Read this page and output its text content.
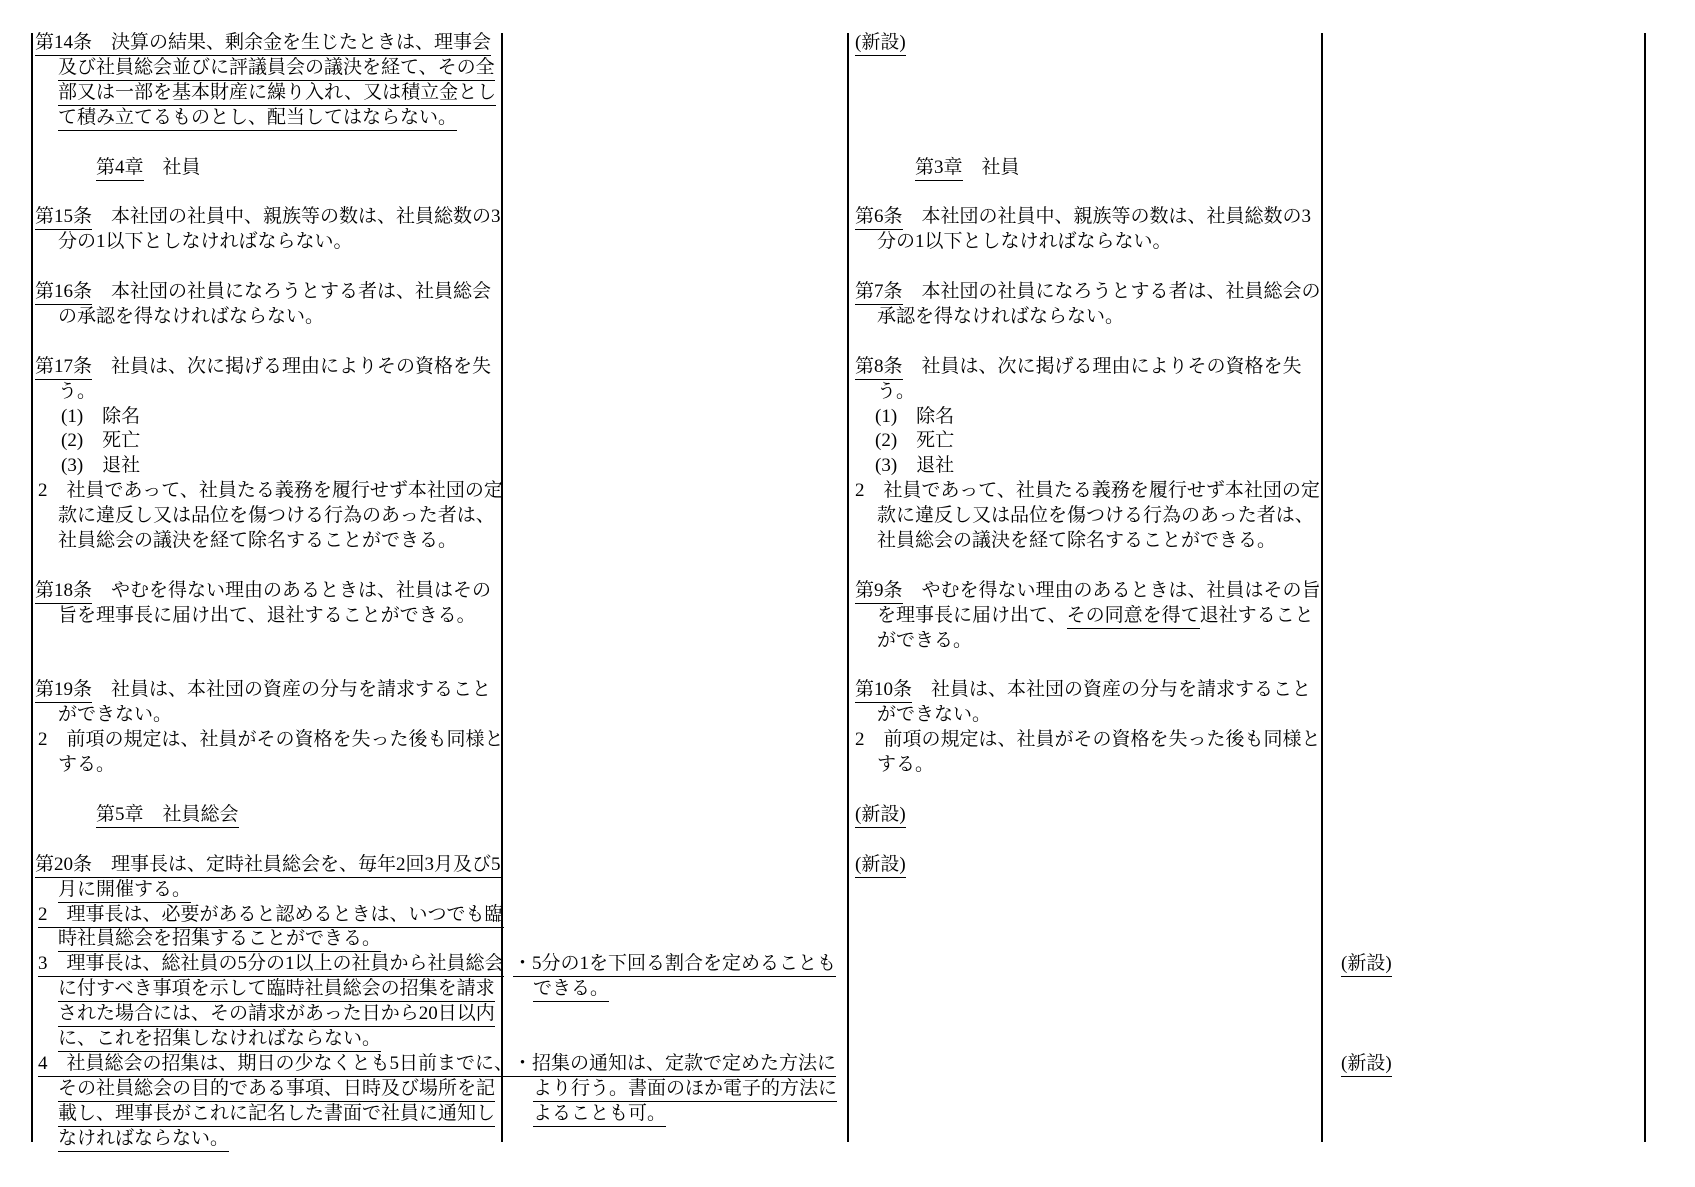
第14条　決算の結果、剰余金を生じたときは、理事会
及び社員総会並びに評議員会の議決を経て、その全
部又は一部を基本財産に繰り入れ、又は積立金とし
て積み立てるものとし、配当してはならない。
第4章　社員
第15条　本社団の社員中、親族等の数は、社員総数の3
分の1以下としなければならない。
第16条　本社団の社員になろうとする者は、社員総会
の承認を得なければならない。
第17条　社員は、次に掲げる理由によりその資格を失
う。
(1)　除名
(2)　死亡
(3)　退社
2　社員であって、社員たる義務を履行せず本社団の定
款に違反し又は品位を傷つける行為のあった者は、
社員総会の議決を経て除名することができる。
第18条　やむを得ない理由のあるときは、社員はその
旨を理事長に届け出て、退社することができる。
第19条　社員は、本社団の資産の分与を請求すること
ができない。
2　前項の規定は、社員がその資格を失った後も同様と
する。
第5章　社員総会
第20条　理事長は、定時社員総会を、毎年2回3月及び5
月に開催する。
2　理事長は、必要があると認めるときは、いつでも臨
時社員総会を招集することができる。
3　理事長は、総社員の5分の1以上の社員から社員総会
に付すべき事項を示して臨時社員総会の招集を請求
された場合には、その請求があった日から20日以内
に、これを招集しなければならない。
4　社員総会の招集は、期日の少なくとも5日前までに、
その社員総会の目的である事項、日時及び場所を記
載し、理事長がこれに記名した書面で社員に通知し
なければならない。
・5分の1を下回る割合を定めることも
できる。
・招集の通知は、定款で定めた方法に
より行う。書面のほか電子的方法に
よることも可。
(新設)
第3章　社員
第6条　本社団の社員中、親族等の数は、社員総数の3
分の1以下としなければならない。
第7条　本社団の社員になろうとする者は、社員総会の
承認を得なければならない。
第8条　社員は、次に掲げる理由によりその資格を失
う。
(1)　除名
(2)　死亡
(3)　退社
2　社員であって、社員たる義務を履行せず本社団の定
款に違反し又は品位を傷つける行為のあった者は、
社員総会の議決を経て除名することができる。
第9条　やむを得ない理由のあるときは、社員はその旨
を理事長に届け出て、その同意を得て退社すること
ができる。
第10条　社員は、本社団の資産の分与を請求すること
ができない。
2　前項の規定は、社員がその資格を失った後も同様と
する。
(新設)
(新設)
(新設)
(新設)
